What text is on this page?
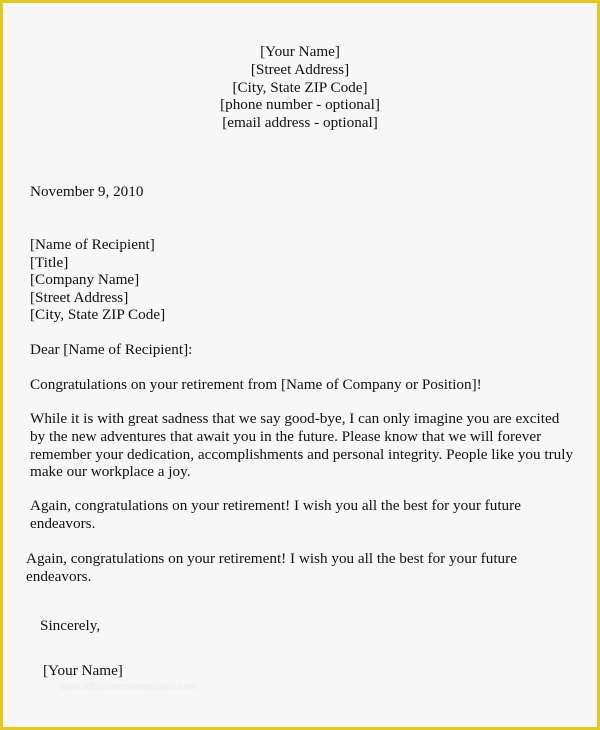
[Your Name]

[Street Address]

[City, State ZIP Code]

[phone number - optional]

[email address - optional]

November 9, 2010

[Name of Recipient]

[Title]

[Company Name]

[Street Address]

[City, State ZIP Code]

Dear [Name of Recipient]:

Congratulations on your retirement from [Name of Company or Position]!

While it is with great sadness that we say good-bye, I can only imagine you are excited

by the new adventures that await you in the future. Please know that we will forever

remember your dedication, accomplishments and personal integrity. People like you truly

make our workplace a joy.

Again, congratulations on your retirement! I wish you all the best for your future

endeavors.

Again, congratulations on your retirement! I wish you all the best for your future

endeavors.

Sincerely,

[Your Name]

www.allbusinesstemplates.com
